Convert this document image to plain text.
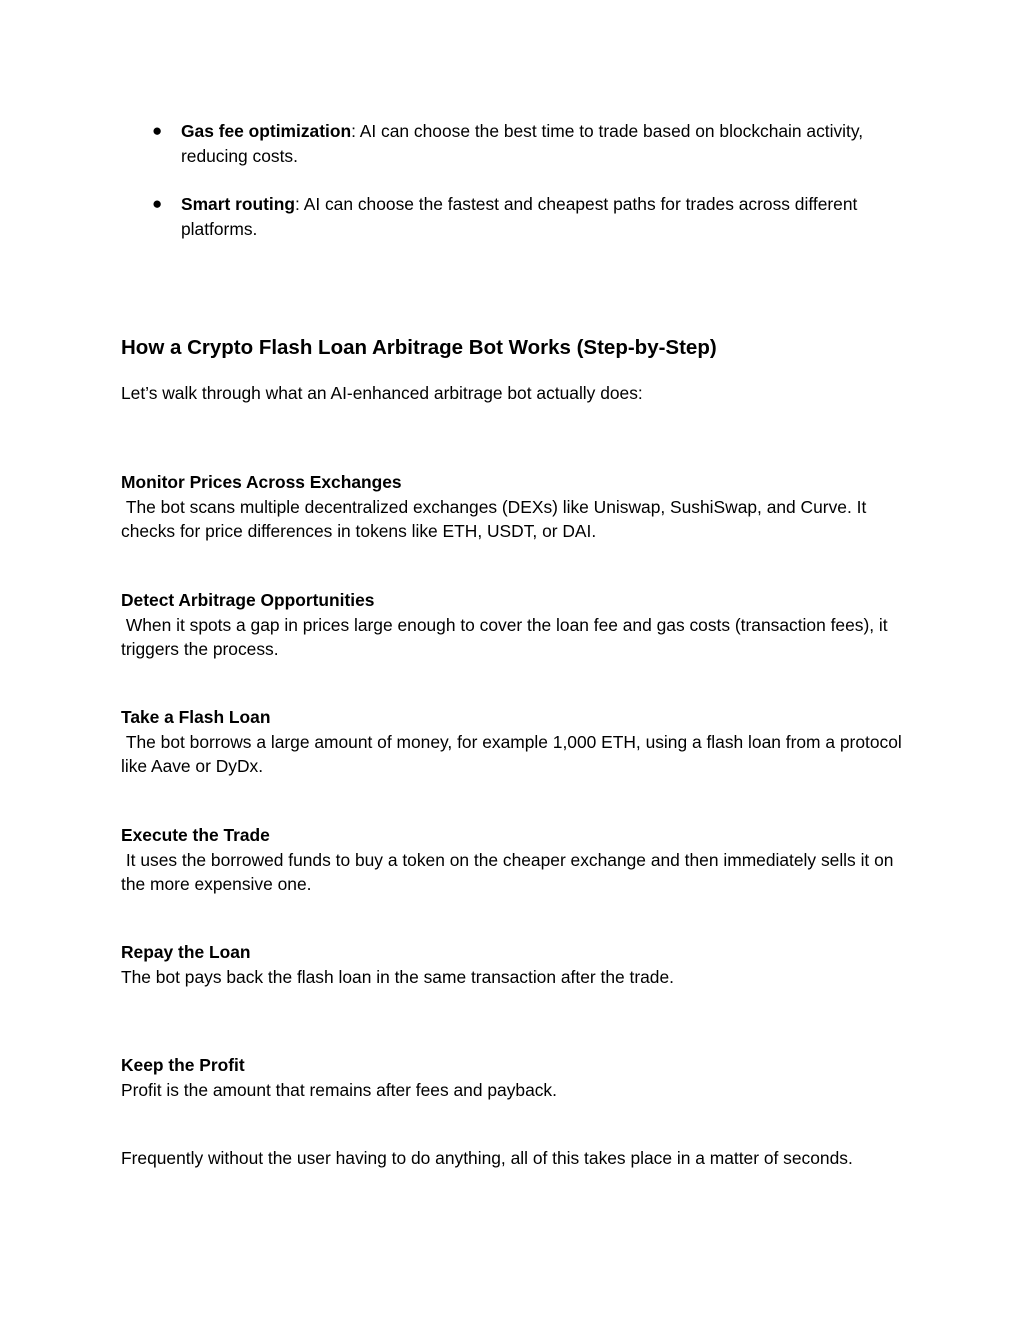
● Gas fee optimization: AI can choose the best time to trade based on blockchain activity, reducing costs.
● Smart routing: AI can choose the fastest and cheapest paths for trades across different platforms.
How a Crypto Flash Loan Arbitrage Bot Works (Step-by-Step)

Let’s walk through what an AI-enhanced arbitrage bot actually does:

Monitor Prices Across Exchanges
The bot scans multiple decentralized exchanges (DEXs) like Uniswap, SushiSwap, and Curve. It checks for price differences in tokens like ETH, USDT, or DAI.
Detect Arbitrage Opportunities
When it spots a gap in prices large enough to cover the loan fee and gas costs (transaction fees), it triggers the process.
Take a Flash Loan
The bot borrows a large amount of money, for example 1,000 ETH, using a flash loan from a protocol like Aave or DyDx.
Execute the Trade
It uses the borrowed funds to buy a token on the cheaper exchange and then immediately sells it on the more expensive one.
Repay the Loan
The bot pays back the flash loan in the same transaction after the trade.
Keep the Profit
Profit is the amount that remains after fees and payback.

Frequently without the user having to do anything, all of this takes place in a matter of seconds.
